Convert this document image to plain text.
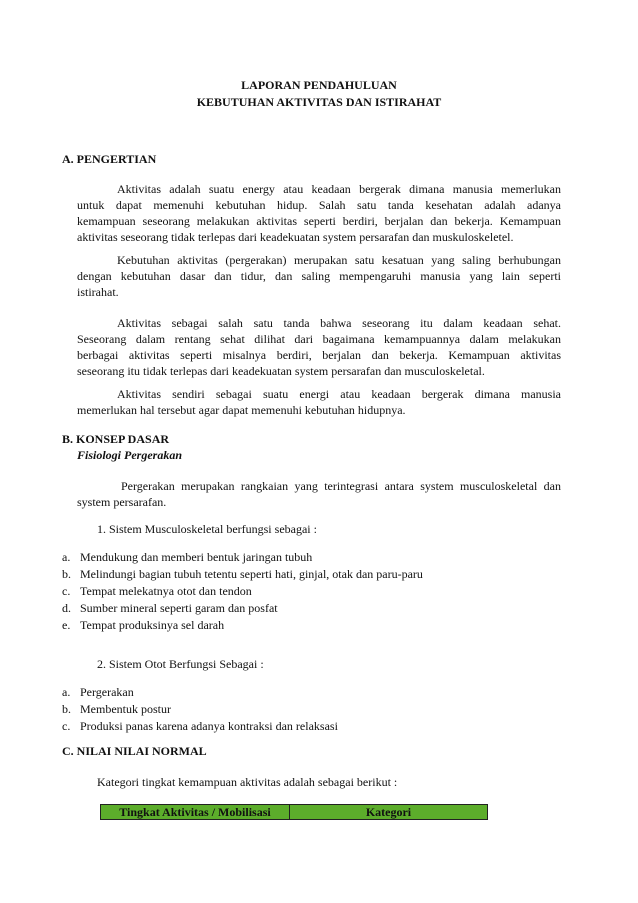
LAPORAN PENDAHULUAN
KEBUTUHAN AKTIVITAS DAN ISTIRAHAT
A. PENGERTIAN
Aktivitas adalah suatu energy atau keadaan bergerak dimana manusia memerlukan
untuk dapat memenuhi kebutuhan hidup. Salah satu tanda kesehatan adalah adanya
kemampuan seseorang melakukan aktivitas seperti berdiri, berjalan dan bekerja. Kemampuan
aktivitas seseorang tidak terlepas dari keadekuatan system persarafan dan muskuloskeletel.
Kebutuhan aktivitas (pergerakan) merupakan satu kesatuan yang saling berhubungan
dengan kebutuhan dasar dan tidur, dan saling mempengaruhi manusia yang lain seperti
istirahat.
Aktivitas sebagai salah satu tanda bahwa seseorang itu dalam keadaan sehat.
Seseorang dalam rentang sehat dilihat dari bagaimana kemampuannya dalam melakukan
berbagai aktivitas seperti misalnya berdiri, berjalan dan bekerja. Kemampuan aktivitas
seseorang itu tidak terlepas dari keadekuatan system persarafan dan musculoskeletal.
Aktivitas sendiri sebagai suatu energi atau keadaan bergerak dimana manusia
memerlukan hal tersebut agar dapat memenuhi kebutuhan hidupnya.
B. KONSEP DASAR
Fisiologi Pergerakan
Pergerakan merupakan rangkaian yang terintegrasi antara system musculoskeletal dan
system persarafan.
1. Sistem Musculoskeletal berfungsi sebagai :
a. Mendukung dan memberi bentuk jaringan tubuh
b. Melindungi bagian tubuh tetentu seperti hati, ginjal, otak dan paru-paru
c. Tempat melekatnya otot dan tendon
d. Sumber mineral seperti garam dan posfat
e. Tempat produksinya sel darah
2. Sistem Otot Berfungsi Sebagai :
a. Pergerakan
b. Membentuk postur
c. Produksi panas karena adanya kontraksi dan relaksasi
C. NILAI NILAI NORMAL
Kategori tingkat kemampuan aktivitas adalah sebagai berikut :
Tingkat Aktivitas / Mobilisasi	Kategori
